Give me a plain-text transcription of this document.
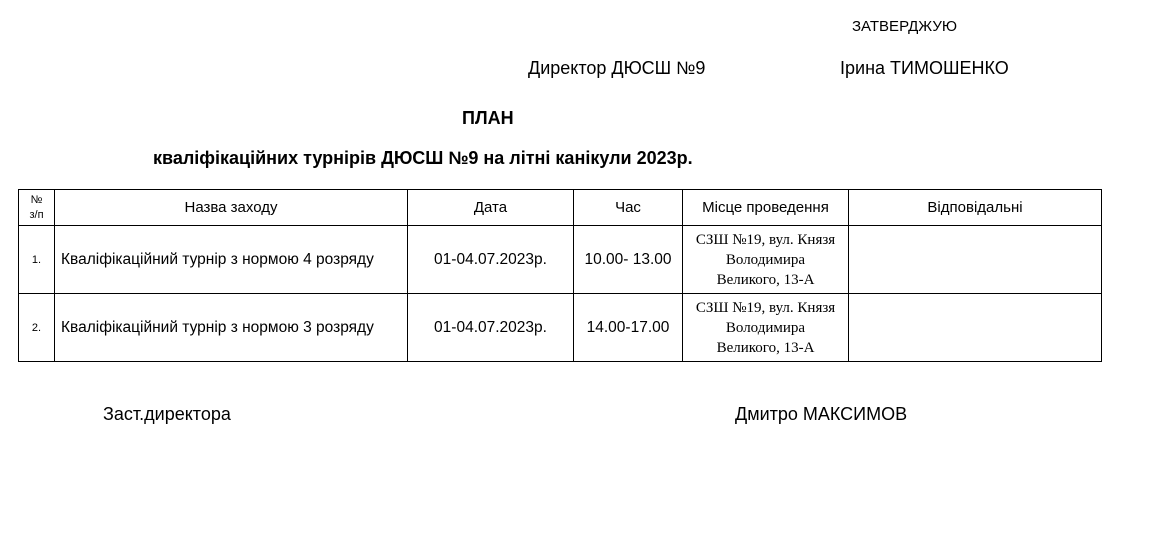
ЗАТВЕРДЖУЮ
Директор ДЮСШ №9	Ірина ТИМОШЕНКО
ПЛАН
кваліфікаційних турнірів ДЮСШ №9 на літні канікули 2023р.
№
з/п	Назва заходу	Дата	Час	Місце проведення	Відповідальні
1.	Кваліфікаційний турнір з нормою 4 розряду	01-04.07.2023р.	10.00- 13.00	СЗШ №19, вул. Князя
Володимира
Великого, 13-А	
2.	Кваліфікаційний турнір з нормою 3 розряду	01-04.07.2023р.	14.00-17.00	СЗШ №19, вул. Князя
Володимира
Великого, 13-А	
Заст.директора	Дмитро МАКСИМОВ
